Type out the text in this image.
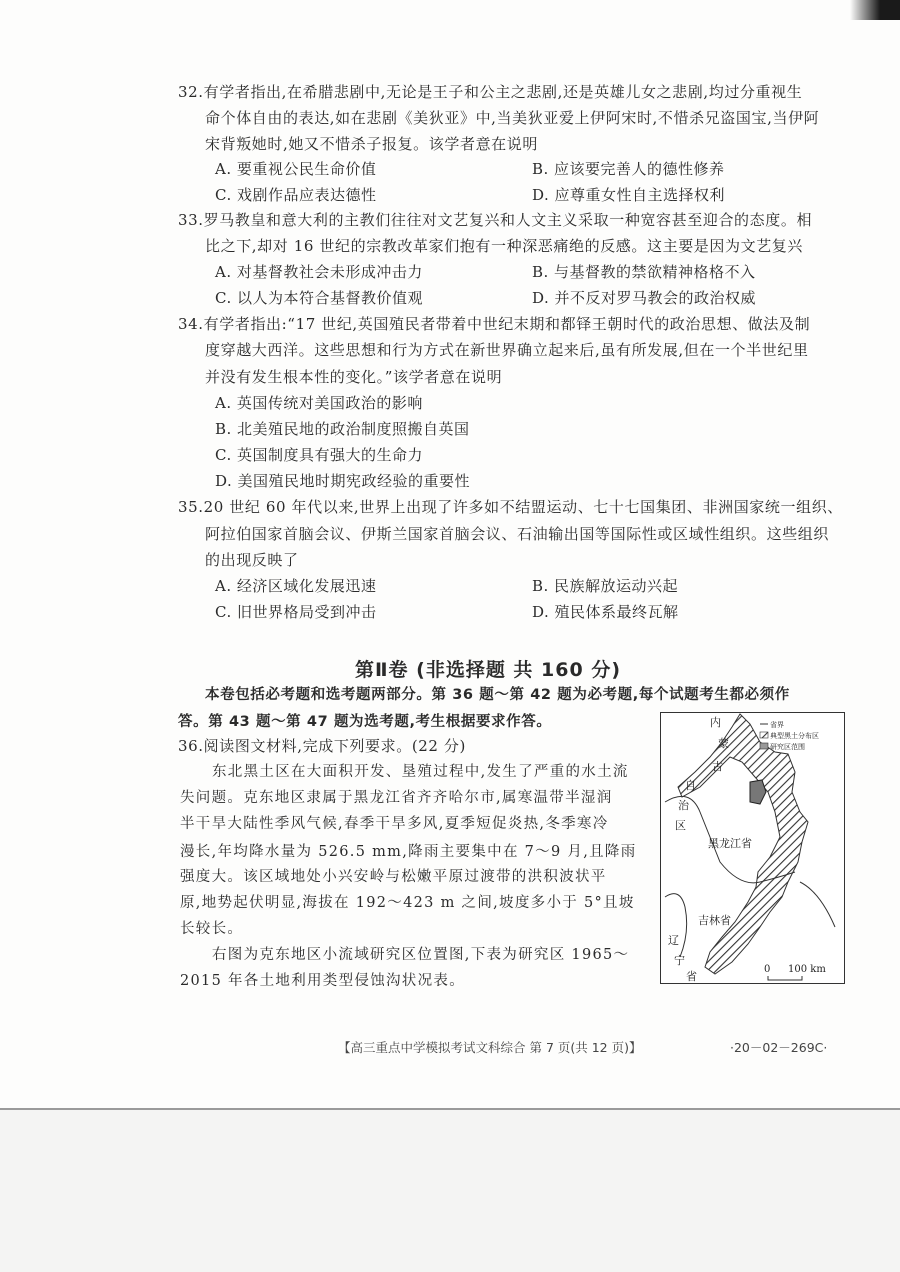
32.有学者指出,在希腊悲剧中,无论是王子和公主之悲剧,还是英雄儿女之悲剧,均过分重视生
命个体自由的表达,如在悲剧《美狄亚》中,当美狄亚爱上伊阿宋时,不惜杀兄盗国宝,当伊阿
宋背叛她时,她又不惜杀子报复。该学者意在说明
A. 要重视公民生命价值	B. 应该要完善人的德性修养
C. 戏剧作品应表达德性	D. 应尊重女性自主选择权利
33.罗马教皇和意大利的主教们往往对文艺复兴和人文主义采取一种宽容甚至迎合的态度。相
比之下,却对 16 世纪的宗教改革家们抱有一种深恶痛绝的反感。这主要是因为文艺复兴
A. 对基督教社会未形成冲击力	B. 与基督教的禁欲精神格格不入
C. 以人为本符合基督教价值观	D. 并不反对罗马教会的政治权威
34.有学者指出:“17 世纪,英国殖民者带着中世纪末期和都铎王朝时代的政治思想、做法及制
度穿越大西洋。这些思想和行为方式在新世界确立起来后,虽有所发展,但在一个半世纪里
并没有发生根本性的变化。”该学者意在说明
A. 英国传统对美国政治的影响
B. 北美殖民地的政治制度照搬自英国
C. 英国制度具有强大的生命力
D. 美国殖民地时期宪政经验的重要性
35.20 世纪 60 年代以来,世界上出现了许多如不结盟运动、七十七国集团、非洲国家统一组织、
阿拉伯国家首脑会议、伊斯兰国家首脑会议、石油输出国等国际性或区域性组织。这些组织
的出现反映了
A. 经济区域化发展迅速	B. 民族解放运动兴起
C. 旧世界格局受到冲击	D. 殖民体系最终瓦解
第Ⅱ卷 (非选择题 共 160 分)
本卷包括必考题和选考题两部分。第 36 题～第 42 题为必考题,每个试题考生都必须作
答。第 43 题～第 47 题为选考题,考生根据要求作答。
36.阅读图文材料,完成下列要求。(22 分)
东北黑土区在大面积开发、垦殖过程中,发生了严重的水土流
失问题。克东地区隶属于黑龙江省齐齐哈尔市,属寒温带半湿润
半干旱大陆性季风气候,春季干旱多风,夏季短促炎热,冬季寒冷
漫长,年均降水量为 526.5 mm,降雨主要集中在 7～9 月,且降雨
强度大。该区域地处小兴安岭与松嫩平原过渡带的洪积波状平
原,地势起伏明显,海拔在 192～423 m 之间,坡度多小于 5°且坡
长较长。
右图为克东地区小流域研究区位置图,下表为研究区 1965～
2015 年各土地利用类型侵蚀沟状况表。
内
蒙
古
自
治
区
黑龙江省
吉林省
辽
宁
省
省界
典型黑土分布区
研究区范围
0 100 km
【高三重点中学模拟考试文科综合 第 7 页(共 12 页)】	·20－02－269C·
